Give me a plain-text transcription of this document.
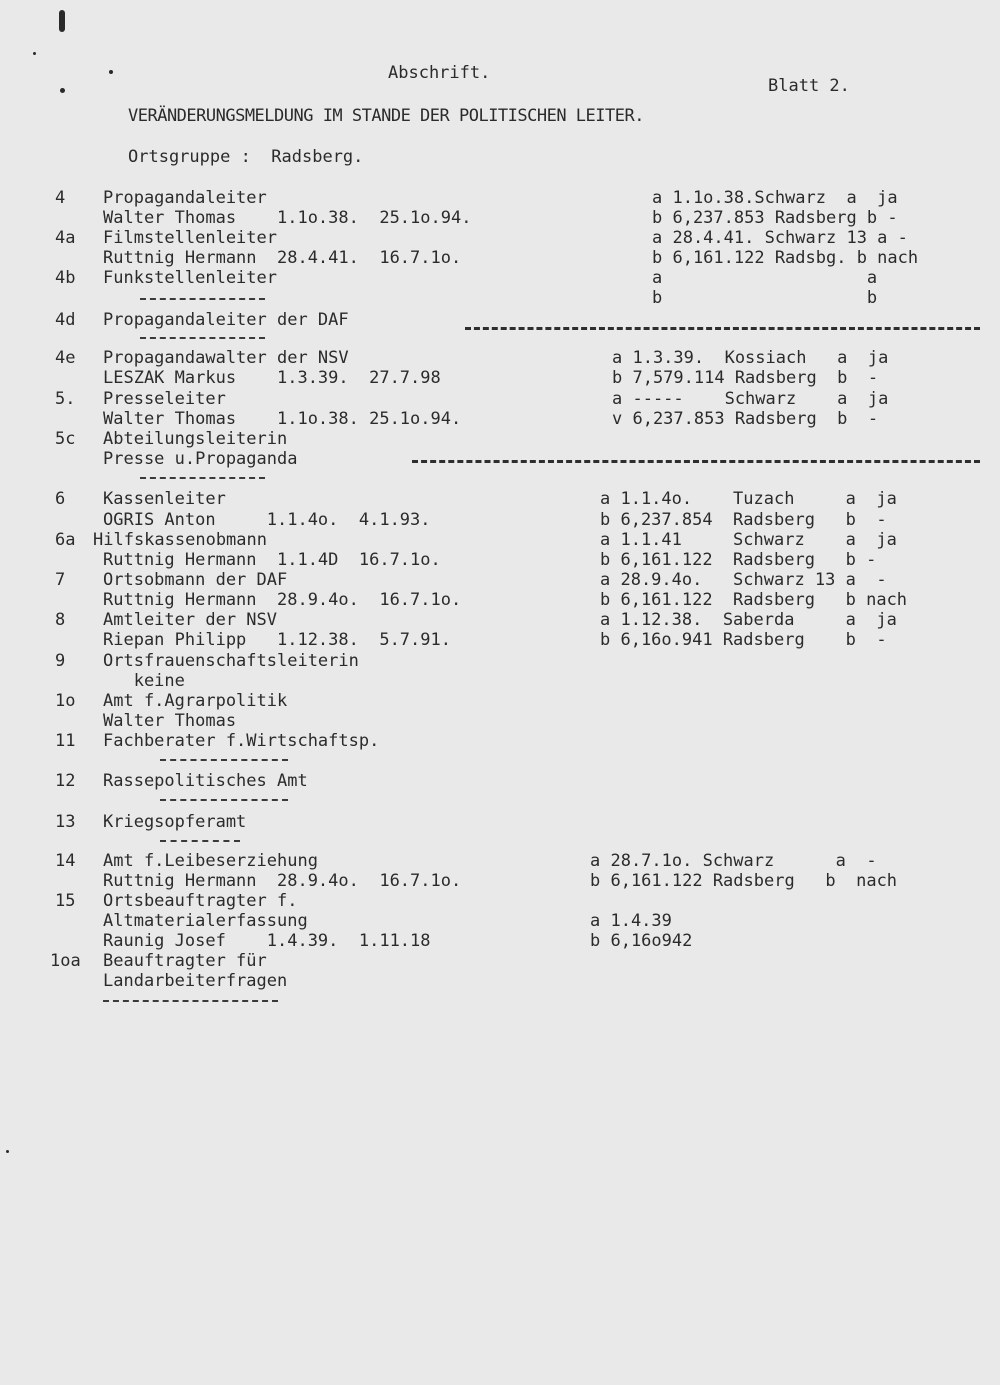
Abschrift.
Blatt 2.
VERÄNDERUNGSMELDUNG IM STANDE DER POLITISCHEN LEITER.
Ortsgruppe :  Radsberg.
4 Propagandaleiter
Walter Thomas    1.1o.38.  25.1o.94.
4a Filmstellenleiter
Ruttnig Hermann  28.4.41.  16.7.1o.
4b Funkstellenleiter
4d Propagandaleiter der DAF
4e Propagandawalter der NSV
LESZAK Markus    1.3.39.  27.7.98
5. Presseleiter
Walter Thomas    1.1o.38. 25.1o.94.
5c Abteilungsleiterin
Presse u.Propaganda
6 Kassenleiter
OGRIS Anton     1.1.4o.  4.1.93.
6a Hilfskassenobmann
Ruttnig Hermann  1.1.4D  16.7.1o.
7 Ortsobmann der DAF
Ruttnig Hermann  28.9.4o.  16.7.1o.
8 Amtleiter der NSV
Riepan Philipp   1.12.38.  5.7.91.
9 Ortsfrauenschaftsleiterin
keine
1o Amt f.Agrarpolitik
Walter Thomas
11 Fachberater f.Wirtschaftsp.
12 Rassepolitisches Amt
13 Kriegsopferamt
14 Amt f.Leibeserziehung
Ruttnig Hermann  28.9.4o.  16.7.1o.
15 Ortsbeauftragter f.
Altmaterialerfassung
Raunig Josef    1.4.39.  1.11.18
1oa Beauftragter für
Landarbeiterfragen
a 1.1o.38.Schwarz  a  ja
b 6,237.853 Radsberg b -
a 28.4.41. Schwarz 13 a -
b 6,161.122 Radsbg. b nach
a                    a
b                    b
a 1.3.39.  Kossiach   a  ja
b 7,579.114 Radsberg  b  -
a -----    Schwarz    a  ja
v 6,237.853 Radsberg  b  -
a 1.1.4o.    Tuzach     a  ja
b 6,237.854  Radsberg   b  -
a 1.1.41     Schwarz    a  ja
b 6,161.122  Radsberg   b -
a 28.9.4o.   Schwarz 13 a  -
b 6,161.122  Radsberg   b nach
a 1.12.38.  Saberda     a  ja
b 6,16o.941 Radsberg    b  -
a 28.7.1o. Schwarz      a  -
b 6,161.122 Radsberg   b  nach
a 1.4.39
b 6,16o942
